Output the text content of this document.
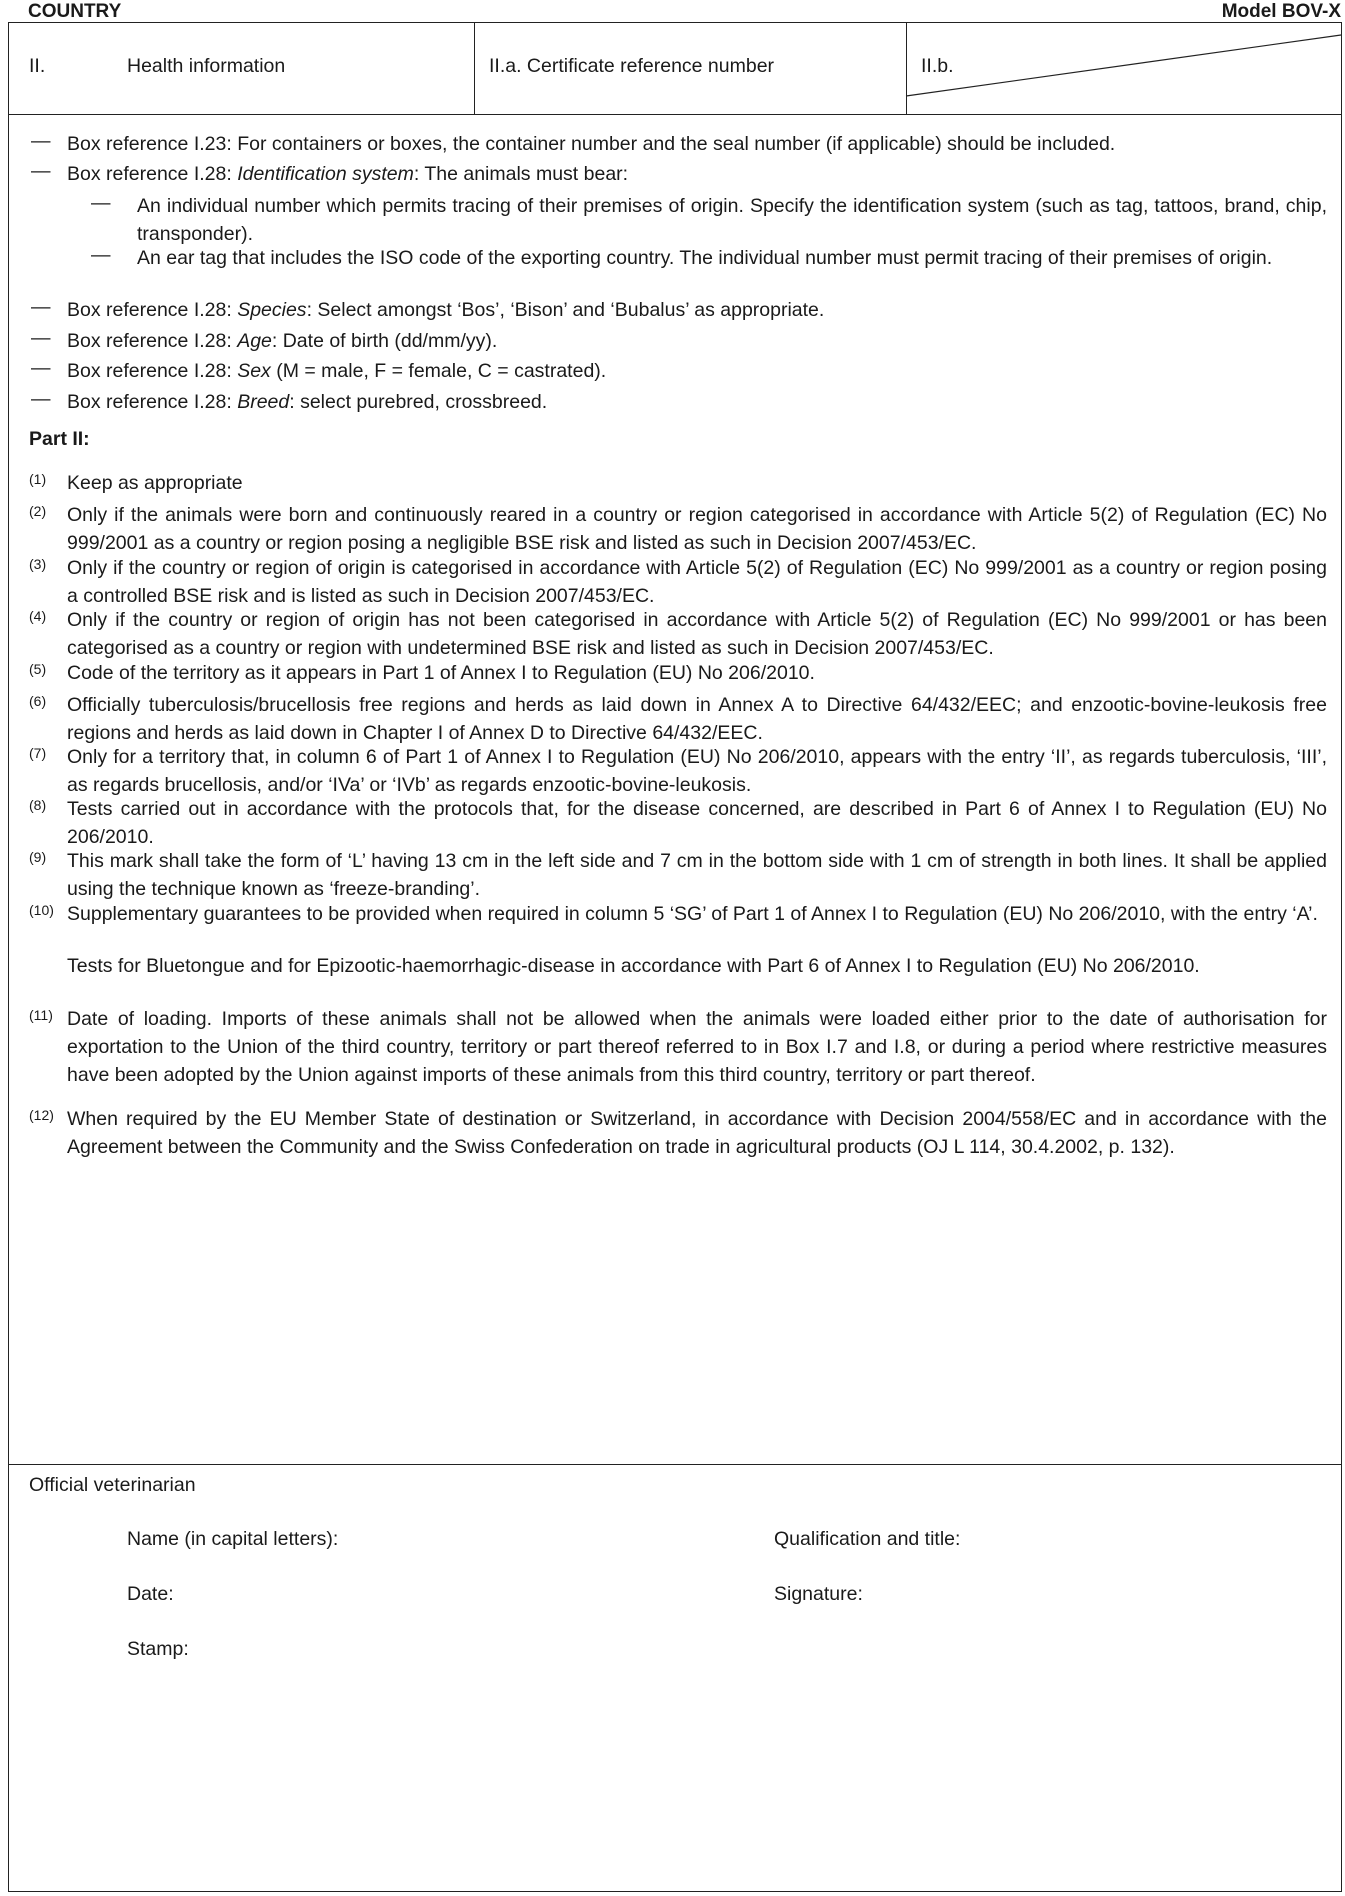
COUNTRY	Model BOV-X
II.	Health information	II.a. Certificate reference number	II.b.
— Box reference I.23: For containers or boxes, the container number and the seal number (if applicable) should be included.
— Box reference I.28: Identification system: The animals must bear:
— An individual number which permits tracing of their premises of origin. Specify the identification system (such as tag, tattoos, brand, chip, transponder).
— An ear tag that includes the ISO code of the exporting country. The individual number must permit tracing of their premises of origin.
— Box reference I.28: Species: Select amongst ‘Bos’, ‘Bison’ and ‘Bubalus’ as appropriate.
— Box reference I.28: Age: Date of birth (dd/mm/yy).
— Box reference I.28: Sex (M = male, F = female, C = castrated).
— Box reference I.28: Breed: select purebred, crossbreed.
Part II:
(1) Keep as appropriate
(2) Only if the animals were born and continuously reared in a country or region categorised in accordance with Article 5(2) of Regulation (EC) No 999/2001 as a country or region posing a negligible BSE risk and listed as such in Decision 2007/453/EC.
(3) Only if the country or region of origin is categorised in accordance with Article 5(2) of Regulation (EC) No 999/2001 as a country or region posing a controlled BSE risk and is listed as such in Decision 2007/453/EC.
(4) Only if the country or region of origin has not been categorised in accordance with Article 5(2) of Regulation (EC) No 999/2001 or has been categorised as a country or region with undetermined BSE risk and listed as such in Decision 2007/453/EC.
(5) Code of the territory as it appears in Part 1 of Annex I to Regulation (EU) No 206/2010.
(6) Officially tuberculosis/brucellosis free regions and herds as laid down in Annex A to Directive 64/432/EEC; and enzootic-bovine-leukosis free regions and herds as laid down in Chapter I of Annex D to Directive 64/432/EEC.
(7) Only for a territory that, in column 6 of Part 1 of Annex I to Regulation (EU) No 206/2010, appears with the entry ‘II’, as regards tuberculosis, ‘III’, as regards brucellosis, and/or ‘IVa’ or ‘IVb’ as regards enzootic-bovine-leukosis.
(8) Tests carried out in accordance with the protocols that, for the disease concerned, are described in Part 6 of Annex I to Regulation (EU) No 206/2010.
(9) This mark shall take the form of ‘L’ having 13 cm in the left side and 7 cm in the bottom side with 1 cm of strength in both lines. It shall be applied using the technique known as ‘freeze-branding’.
(10) Supplementary guarantees to be provided when required in column 5 ‘SG’ of Part 1 of Annex I to Regulation (EU) No 206/2010, with the entry ‘A’.
Tests for Bluetongue and for Epizootic-haemorrhagic-disease in accordance with Part 6 of Annex I to Regulation (EU) No 206/2010.
(11) Date of loading. Imports of these animals shall not be allowed when the animals were loaded either prior to the date of authorisation for exportation to the Union of the third country, territory or part thereof referred to in Box I.7 and I.8, or during a period where restrictive measures have been adopted by the Union against imports of these animals from this third country, territory or part thereof.
(12) When required by the EU Member State of destination or Switzerland, in accordance with Decision 2004/558/EC and in accordance with the Agreement between the Community and the Swiss Confederation on trade in agricultural products (OJ L 114, 30.4.2002, p. 132).
Official veterinarian
Name (in capital letters):	Qualification and title:
Date:	Signature:
Stamp:
